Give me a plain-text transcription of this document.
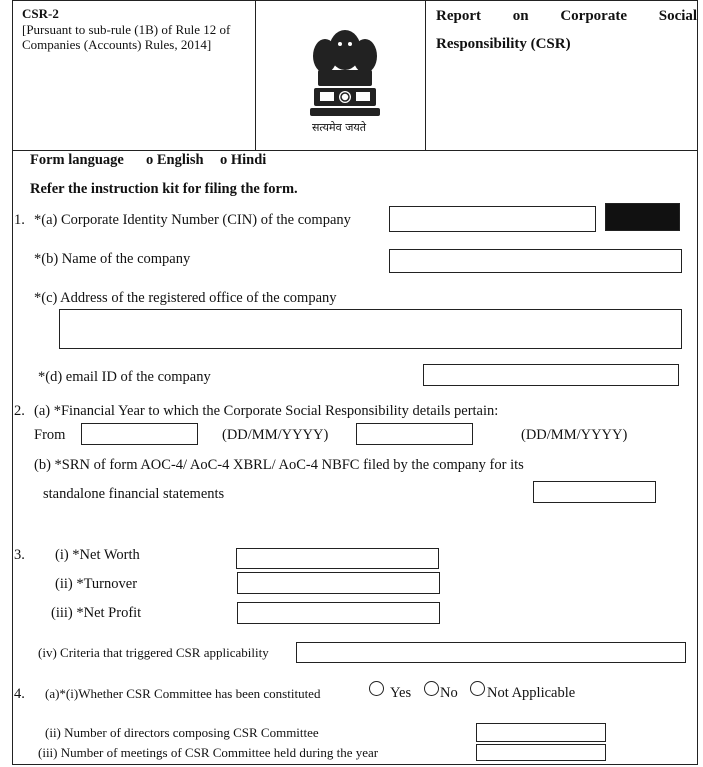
CSR-2
[Pursuant to sub-rule (1B) of Rule 12 of
Companies (Accounts) Rules, 2014]
सत्यमेव जयते
Report on Corporate Social
Responsibility (CSR)
Form language o English o Hindi
Refer the instruction kit for filing the form.
1. *(a) Corporate Identity Number (CIN) of the company
*(b) Name of the company
*(c) Address of the registered office of the company
*(d) email ID of the company
2. (a) *Financial Year to which the Corporate Social Responsibility details pertain:
From	(DD/MM/YYYY)	(DD/MM/YYYY)
(b) *SRN of form AOC-4/ AoC-4 XBRL/ AoC-4 NBFC filed by the company for its
standalone financial statements
3. (i) *Net Worth
(ii) *Turnover
(iii) *Net Profit
(iv) Criteria that triggered CSR applicability
4. (a)*(i)Whether CSR Committee has been constituted	Yes No Not Applicable
(ii) Number of directors composing CSR Committee
(iii) Number of meetings of CSR Committee held during the year
